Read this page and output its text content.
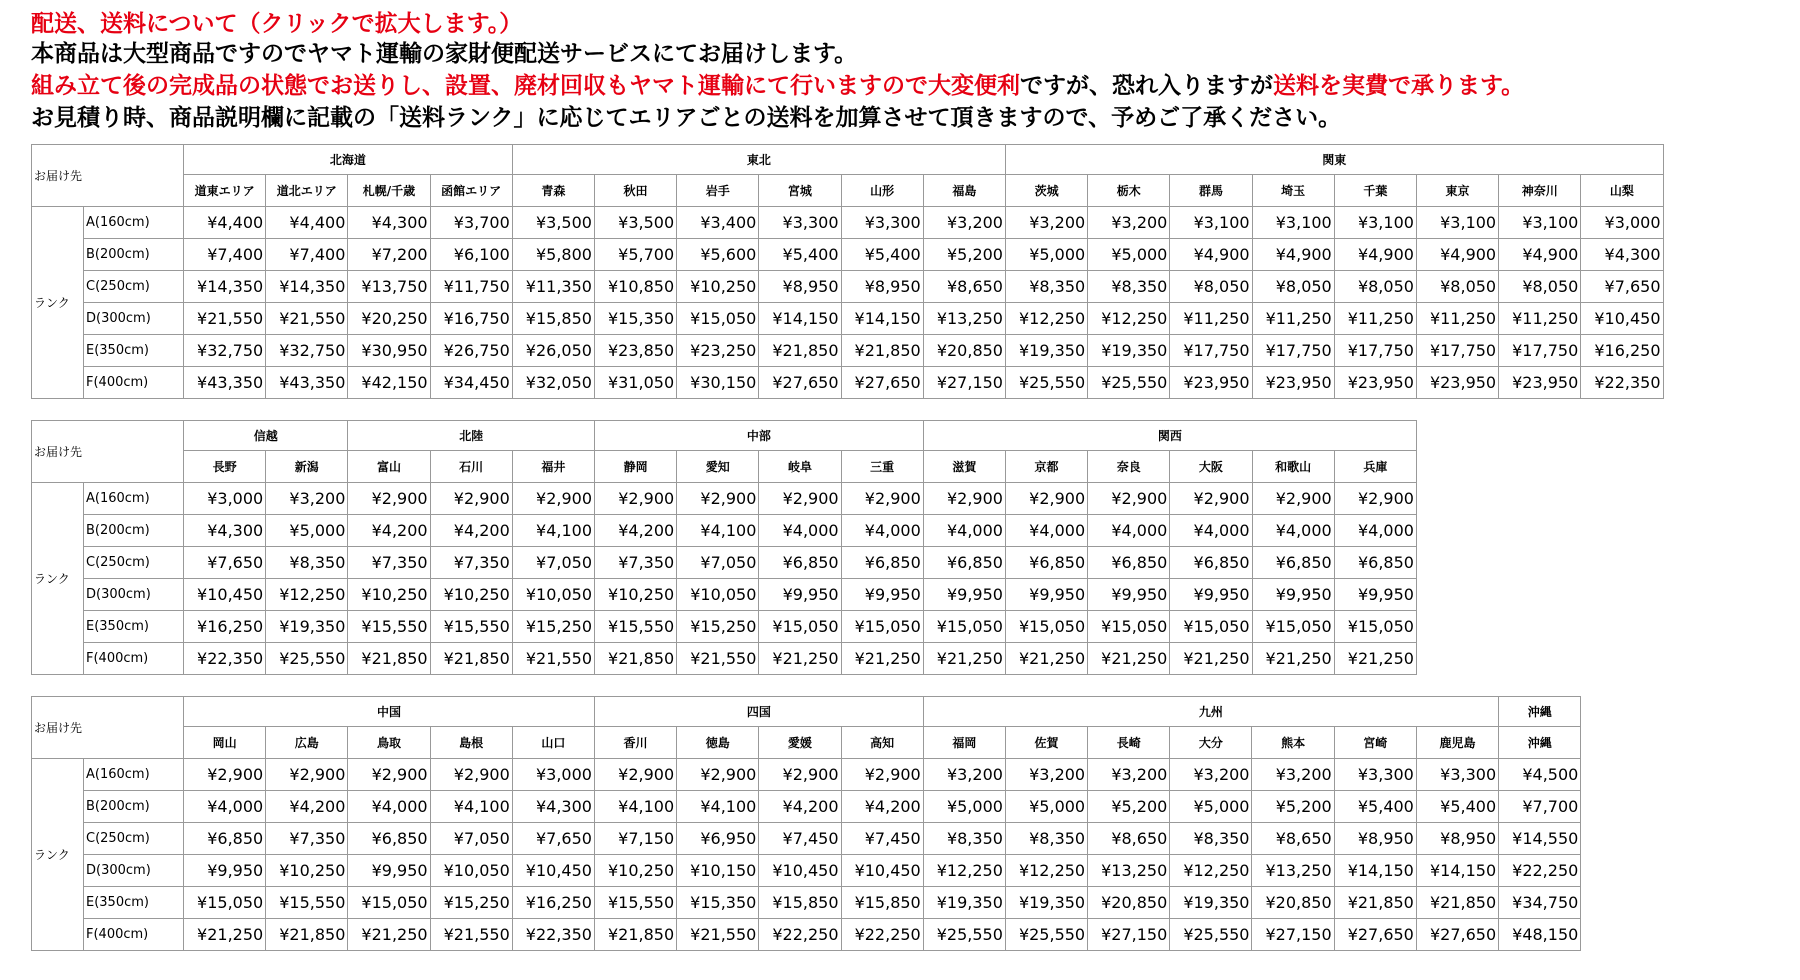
配送、送料について（クリックで拡大します。）
本商品は大型商品ですのでヤマト運輸の家財便配送サービスにてお届けします。
組み立て後の完成品の状態でお送りし、設置、廃材回収もヤマト運輸にて行いますので大変便利ですが、恐れ入りますが送料を実費で承ります。
お見積り時、商品説明欄に記載の「送料ランク」に応じてエリアごとの送料を加算させて頂きますので、予めご了承ください。
お届け先		北海道				東北						関東							
		道東エリア	道北エリア	札幌/千歳	函館エリア	青森	秋田	岩手	宮城	山形	福島	茨城	栃木	群馬	埼玉	千葉	東京	神奈川	山梨
ランク	A(160cm)	¥4,400	¥4,400	¥4,300	¥3,700	¥3,500	¥3,500	¥3,400	¥3,300	¥3,300	¥3,200	¥3,200	¥3,200	¥3,100	¥3,100	¥3,100	¥3,100	¥3,100	¥3,000
	B(200cm)	¥7,400	¥7,400	¥7,200	¥6,100	¥5,800	¥5,700	¥5,600	¥5,400	¥5,400	¥5,200	¥5,000	¥5,000	¥4,900	¥4,900	¥4,900	¥4,900	¥4,900	¥4,300
	C(250cm)	¥14,350	¥14,350	¥13,750	¥11,750	¥11,350	¥10,850	¥10,250	¥8,950	¥8,950	¥8,650	¥8,350	¥8,350	¥8,050	¥8,050	¥8,050	¥8,050	¥8,050	¥7,650
	D(300cm)	¥21,550	¥21,550	¥20,250	¥16,750	¥15,850	¥15,350	¥15,050	¥14,150	¥14,150	¥13,250	¥12,250	¥12,250	¥11,250	¥11,250	¥11,250	¥11,250	¥11,250	¥10,450
	E(350cm)	¥32,750	¥32,750	¥30,950	¥26,750	¥26,050	¥23,850	¥23,250	¥21,850	¥21,850	¥20,850	¥19,350	¥19,350	¥17,750	¥17,750	¥17,750	¥17,750	¥17,750	¥16,250
	F(400cm)	¥43,350	¥43,350	¥42,150	¥34,450	¥32,050	¥31,050	¥30,150	¥27,650	¥27,650	¥27,150	¥25,550	¥25,550	¥23,950	¥23,950	¥23,950	¥23,950	¥23,950	¥22,350
お届け先		信越		北陸			中部				関西					
		長野	新潟	富山	石川	福井	静岡	愛知	岐阜	三重	滋賀	京都	奈良	大阪	和歌山	兵庫
ランク	A(160cm)	¥3,000	¥3,200	¥2,900	¥2,900	¥2,900	¥2,900	¥2,900	¥2,900	¥2,900	¥2,900	¥2,900	¥2,900	¥2,900	¥2,900	¥2,900
	B(200cm)	¥4,300	¥5,000	¥4,200	¥4,200	¥4,100	¥4,200	¥4,100	¥4,000	¥4,000	¥4,000	¥4,000	¥4,000	¥4,000	¥4,000	¥4,000
	C(250cm)	¥7,650	¥8,350	¥7,350	¥7,350	¥7,050	¥7,350	¥7,050	¥6,850	¥6,850	¥6,850	¥6,850	¥6,850	¥6,850	¥6,850	¥6,850
	D(300cm)	¥10,450	¥12,250	¥10,250	¥10,250	¥10,050	¥10,250	¥10,050	¥9,950	¥9,950	¥9,950	¥9,950	¥9,950	¥9,950	¥9,950	¥9,950
	E(350cm)	¥16,250	¥19,350	¥15,550	¥15,550	¥15,250	¥15,550	¥15,250	¥15,050	¥15,050	¥15,050	¥15,050	¥15,050	¥15,050	¥15,050	¥15,050
	F(400cm)	¥22,350	¥25,550	¥21,850	¥21,850	¥21,550	¥21,850	¥21,550	¥21,250	¥21,250	¥21,250	¥21,250	¥21,250	¥21,250	¥21,250	¥21,250
お届け先		中国					四国				九州							沖縄
		岡山	広島	鳥取	島根	山口	香川	徳島	愛媛	高知	福岡	佐賀	長崎	大分	熊本	宮崎	鹿児島	沖縄
ランク	A(160cm)	¥2,900	¥2,900	¥2,900	¥2,900	¥3,000	¥2,900	¥2,900	¥2,900	¥2,900	¥3,200	¥3,200	¥3,200	¥3,200	¥3,200	¥3,300	¥3,300	¥4,500
	B(200cm)	¥4,000	¥4,200	¥4,000	¥4,100	¥4,300	¥4,100	¥4,100	¥4,200	¥4,200	¥5,000	¥5,000	¥5,200	¥5,000	¥5,200	¥5,400	¥5,400	¥7,700
	C(250cm)	¥6,850	¥7,350	¥6,850	¥7,050	¥7,650	¥7,150	¥6,950	¥7,450	¥7,450	¥8,350	¥8,350	¥8,650	¥8,350	¥8,650	¥8,950	¥8,950	¥14,550
	D(300cm)	¥9,950	¥10,250	¥9,950	¥10,050	¥10,450	¥10,250	¥10,150	¥10,450	¥10,450	¥12,250	¥12,250	¥13,250	¥12,250	¥13,250	¥14,150	¥14,150	¥22,250
	E(350cm)	¥15,050	¥15,550	¥15,050	¥15,250	¥16,250	¥15,550	¥15,350	¥15,850	¥15,850	¥19,350	¥19,350	¥20,850	¥19,350	¥20,850	¥21,850	¥21,850	¥34,750
	F(400cm)	¥21,250	¥21,850	¥21,250	¥21,550	¥22,350	¥21,850	¥21,550	¥22,250	¥22,250	¥25,550	¥25,550	¥27,150	¥25,550	¥27,150	¥27,650	¥27,650	¥48,150
